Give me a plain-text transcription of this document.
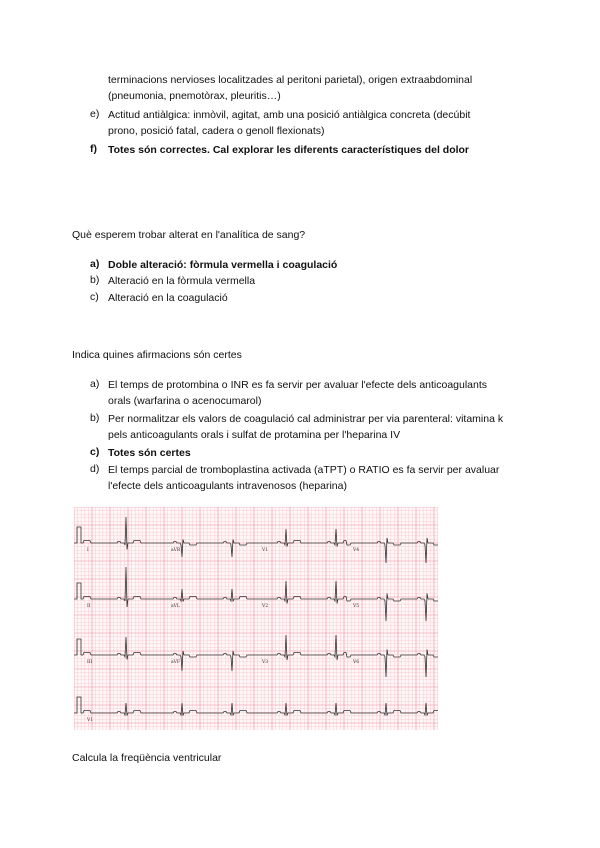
terminacions nervioses localitzades al peritoni parietal), origen extraabdominal
(pneumonia, pnemotòrax, pleuritis…)
e) Actitud antiàlgica: inmòvil, agitat, amb una posició antiàlgica concreta (decúbit
prono, posició fatal, cadera o genoll flexionats)
f)	Totes són correctes. Cal explorar les diferents característiques del dolor
Què esperem trobar alterat en l'analítica de sang?
a) Doble alteració: fòrmula vermella i coagulació
b) Alteració en la fòrmula vermella
c) Alteració en la coagulació
Indica quines afirmacions són certes
a) El temps de protombina o INR es fa servir per avaluar l'efecte dels anticoagulants
orals (warfarina o acenocumarol)
b) Per normalitzar els valors de coagulació cal administrar per via parenteral: vitamina k
pels anticoagulants orals i sulfat de protamina per l'heparina IV
c) Totes són certes
d) El temps parcial de tromboplastina activada (aTPT) o RATIO es fa servir per avaluar
l'efecte dels anticoagulants intravenosos (heparina)
I	aVR	V1	V4
II	aVL	V2	V5
III	aVF	V3	V6
V1
Calcula la freqüència ventricular
